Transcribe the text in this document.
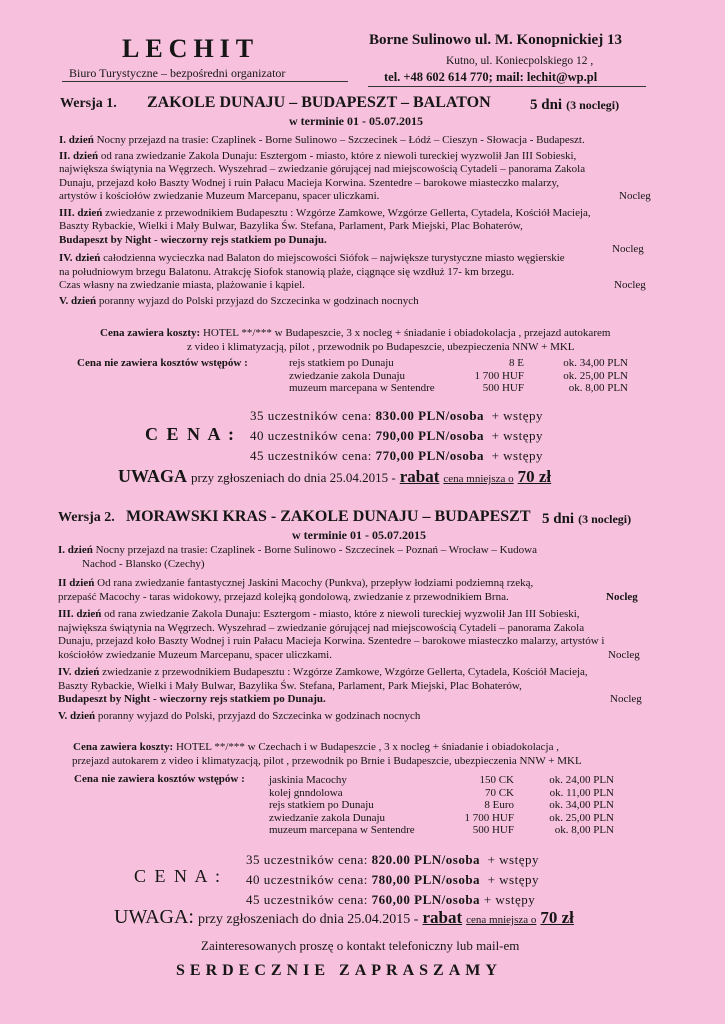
LECHIT
Biuro Turystyczne – bezpośredni organizator
Borne Sulinowo ul. M. Konopnickiej 13
Kutno, ul. Koniecpolskiego 12 ,
tel. +48 602 614 770; mail: lechit@wp.pl
Wersja 1. ZAKOLE DUNAJU – BUDAPESZT – BALATON	5 dni (3 noclegi)
w terminie 01 - 05.07.2015

I. dzień Nocny przejazd na trasie: Czaplinek - Borne Sulinowo – Szczecinek – Łódź – Cieszyn - Słowacja - Budapeszt.

II. dzień od rana zwiedzanie Zakola Dunaju: Esztergom - miasto, które z niewoli tureckiej wyzwolił Jan III Sobieski,

największa świątynia na Węgrzech. Wyszehrad – zwiedzanie górującej nad miejscowością Cytadeli – panorama Zakola

Dunaju, przejazd koło Baszty Wodnej i ruin Pałacu Macieja Korwina. Szentedre – barokowe miasteczko malarzy,

artystów i kościołów zwiedzanie Muzeum Marcepanu, spacer uliczkami.	Nocleg

III. dzień zwiedzanie z przewodnikiem Budapesztu : Wzgórze Zamkowe, Wzgórze Gellerta, Cytadela, Kościół Macieja,

Baszty Rybackie, Wielki i Mały Bulwar, Bazylika Św. Stefana, Parlament, Park Miejski, Plac Bohaterów,

Budapeszt by Night - wieczorny rejs statkiem po Dunaju.
Nocleg

IV. dzień całodzienna wycieczka nad Balaton do miejscowości Siófok – największe turystyczne miasto węgierskie

na południowym brzegu Balatonu. Atrakcję Siofok stanowią plaże, ciągnące się wzdłuż 17- km brzegu.

Czas własny na zwiedzanie miasta, plażowanie i kąpiel.	Nocleg

V. dzień poranny wyjazd do Polski przyjazd do Szczecinka w godzinach nocnych

Cena zawiera koszty: HOTEL **/*** w Budapeszcie, 3 x nocleg + śniadanie i obiadokolacja , przejazd autokarem
z video i klimatyzacją, pilot , przewodnik po Budapeszcie, ubezpieczenia NNW + MKL
Cena nie zawiera kosztów wstępów :	rejs statkiem po Dunaju	8 E	ok. 34,00 PLN
zwiedzanie zakola Dunaju	1 700 HUF	ok. 25,00 PLN
muzeum marcepana w Sentendre	500 HUF	ok. 8,00 PLN

35 uczestników cena: 830.00 PLN/osoba + wstępy

40 uczestników cena: 790,00 PLN/osoba + wstępy

45 uczestników cena: 770,00 PLN/osoba + wstępy

C E N A :
UWAGA przy zgłoszeniach do dnia 25.04.2015 - rabat cena mniejsza o 70 zł
Wersja 2. MORAWSKI KRAS - ZAKOLE DUNAJU – BUDAPESZT 5 dni (3 noclegi)
w terminie 01 - 05.07.2015

I. dzień Nocny przejazd na trasie: Czaplinek - Borne Sulinowo - Szczecinek – Poznań – Wrocław – Kudowa

Nachod - Blansko (Czechy)

II dzień Od rana zwiedzanie fantastycznej Jaskini Macochy (Punkva), przepływ łodziami podziemną rzeką,

przepaść Macochy - taras widokowy, przejazd kolejką gondolową, zwiedzanie z przewodnikiem Brna.	Nocleg

III. dzień od rana zwiedzanie Zakola Dunaju: Esztergom - miasto, które z niewoli tureckiej wyzwolił Jan III Sobieski,

największa świątynia na Węgrzech. Wyszehrad – zwiedzanie górującej nad miejscowością Cytadeli – panorama Zakola

Dunaju, przejazd koło Baszty Wodnej i ruin Pałacu Macieja Korwina. Szentedre – barokowe miasteczko malarzy, artystów i

kościołów zwiedzanie Muzeum Marcepanu, spacer uliczkami.	Nocleg

IV. dzień zwiedzanie z przewodnikiem Budapesztu : Wzgórze Zamkowe, Wzgórze Gellerta, Cytadela, Kościół Macieja,

Baszty Rybackie, Wielki i Mały Bulwar, Bazylika Św. Stefana, Parlament, Park Miejski, Plac Bohaterów,

Budapeszt by Night - wieczorny rejs statkiem po Dunaju.	Nocleg

V. dzień poranny wyjazd do Polski, przyjazd do Szczecinka w godzinach nocnych

Cena zawiera koszty: HOTEL **/*** w Czechach i w Budapeszcie , 3 x nocleg + śniadanie i obiadokolacja ,
przejazd autokarem z video i klimatyzacją, pilot , przewodnik po Brnie i Budapeszcie, ubezpieczenia NNW + MKL
Cena nie zawiera kosztów wstępów : jaskinia Macochy	150 CK	ok. 24,00 PLN
kolej gnndolowa	70 CK	ok. 11,00 PLN
rejs statkiem po Dunaju	8 Euro	ok. 34,00 PLN
zwiedzanie zakola Dunaju	1 700 HUF	ok. 25,00 PLN
muzeum marcepana w Sentendre	500 HUF	ok. 8,00 PLN

35 uczestników cena: 820.00 PLN/osoba + wstępy

40 uczestników cena: 780,00 PLN/osoba + wstępy

45 uczestników cena: 760,00 PLN/osoba + wstępy

C E N A :
UWAGA: przy zgłoszeniach do dnia 25.04.2015 - rabat cena mniejsza o 70 zł
Zainteresowanych proszę o kontakt telefoniczny lub mail-em
SERDECZNIE ZAPRASZAMY
